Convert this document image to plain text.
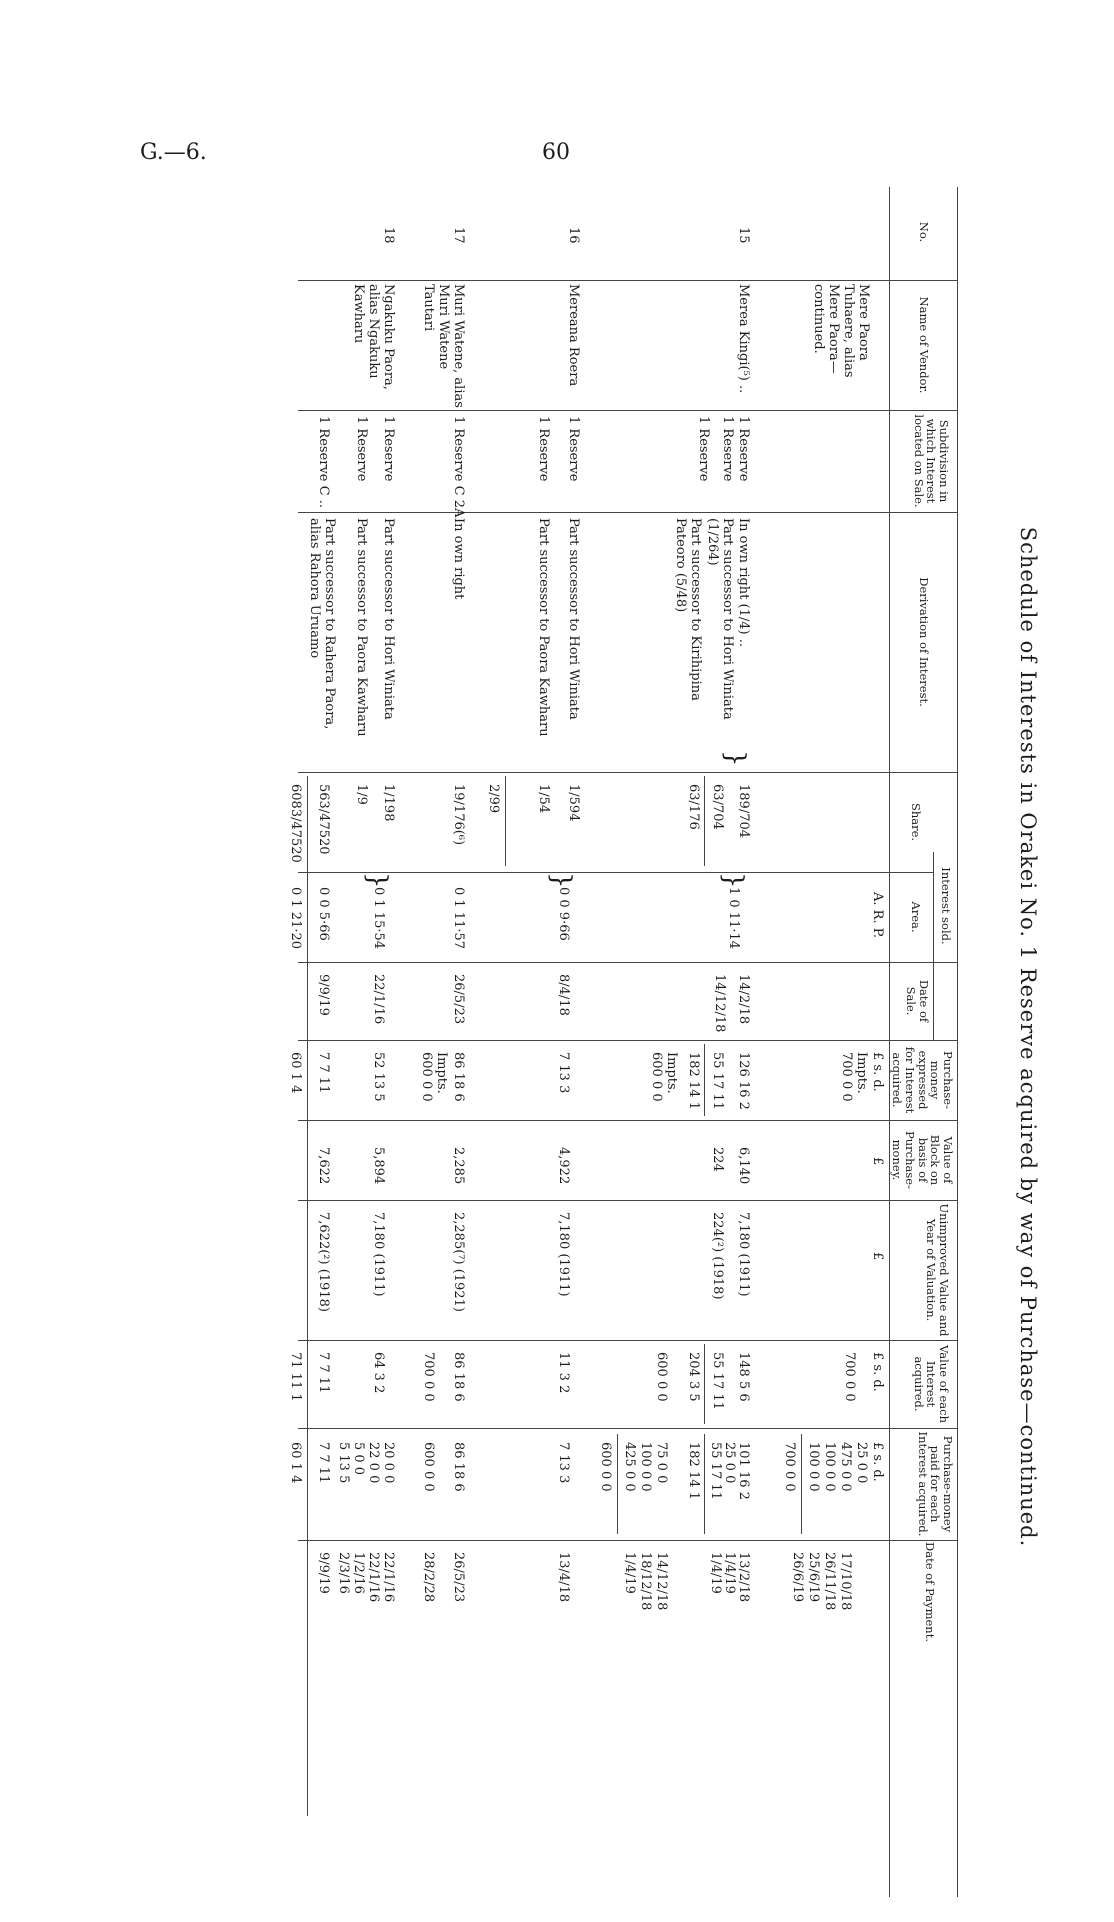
G.—6.	60
Schedule of Interests in Orakei No. 1 Reserve acquired by way of Purchase—continued.
No.
Name of Vendor.
Subdivision in which Interest located on Sale.
Derivation of Interest.
Interest sold.
Share.
Area.
Date of Sale.
Purchase-money expressed for Interest acquired.
Value of Block on basis of Purchase-money.
Unimproved Value and Year of Valuation.
Value of each Interest acquired.
Purchase-money paid for each Interest acquired.
Date of Payment.
A. R. P.
£ s. d.
£
£
£ s. d.
£ s. d.
Mere Paora Tuhaere, alias Mere Paora—continued.
Impts. 700 0 0
700 0 0
25 0 0
475 0 0
100 0 0
100 0 0
700 0 0
17/10/18
26/11/18
25/6/19
26/6/19
15
Merea Kingi(⁵) ..
1 Reserve
1 Reserve
1 Reserve
In own right (1/4) ..
Part successor to Hori Winiata (1/264)
Part successor to Kirihipina Pateoro (5/48)
}
189/704
63/704
63/176
}
1 0 11·14
14/2/18
14/12/18
126 16 2
55 17 11
182 14 1
Impts. 600 0 0
6,140
224
7,180 (1911)
224(²) (1918)
148 5 6
55 17 11
204 3 5
600 0 0
101 16 2
25 0 0
55 17 11
182 14 1
75 0 0
100 0 0
425 0 0
600 0 0
13/2/18
1/4/19
1/4/19
14/12/18
18/12/18
1/4/19
16
Mereana Roera
1 Reserve
1 Reserve
Part successor to Hori Winiata
Part successor to Paora Kawharu
1/594
1/54
2/99
}
0 0 9·66
8/4/18
7 13 3
4,922
7,180 (1911)
11 3 2
7 13 3
13/4/18
17
Muri Watene, alias Muri Watene Tautari
1 Reserve C 2A
In own right
19/176(⁶)
0 1 11·57
26/5/23
86 18 6
Impts. 600 0 0
2,285
2,285(⁷) (1921)
86 18 6
700 0 0
86 18 6
600 0 0
26/5/23
28/2/28
18
Ngakuku Paora, alias Ngakuku Kawharu
1 Reserve
1 Reserve
1 Reserve C ..
Part successor to Hori Winiata
Part successor to Paora Kawharu
Part successor to Rahera Paora, alias Rahora Uruamo
1/198
1/9
563/47520
}
0 1 15·54
0 0 5·66
22/1/16
9/9/19
52 13 5
7 7 11
5,894
7,622
7,180 (1911)
7,622(²) (1918)
64 3 2
7 7 11
20 0 0
22 0 0
5 0 0
5 13 5
7 7 11
22/1/16
22/1/16
1/2/16
2/3/16
9/9/19
6083/47520
0 1 21·20
60 1 4
71 11 1
60 1 4
